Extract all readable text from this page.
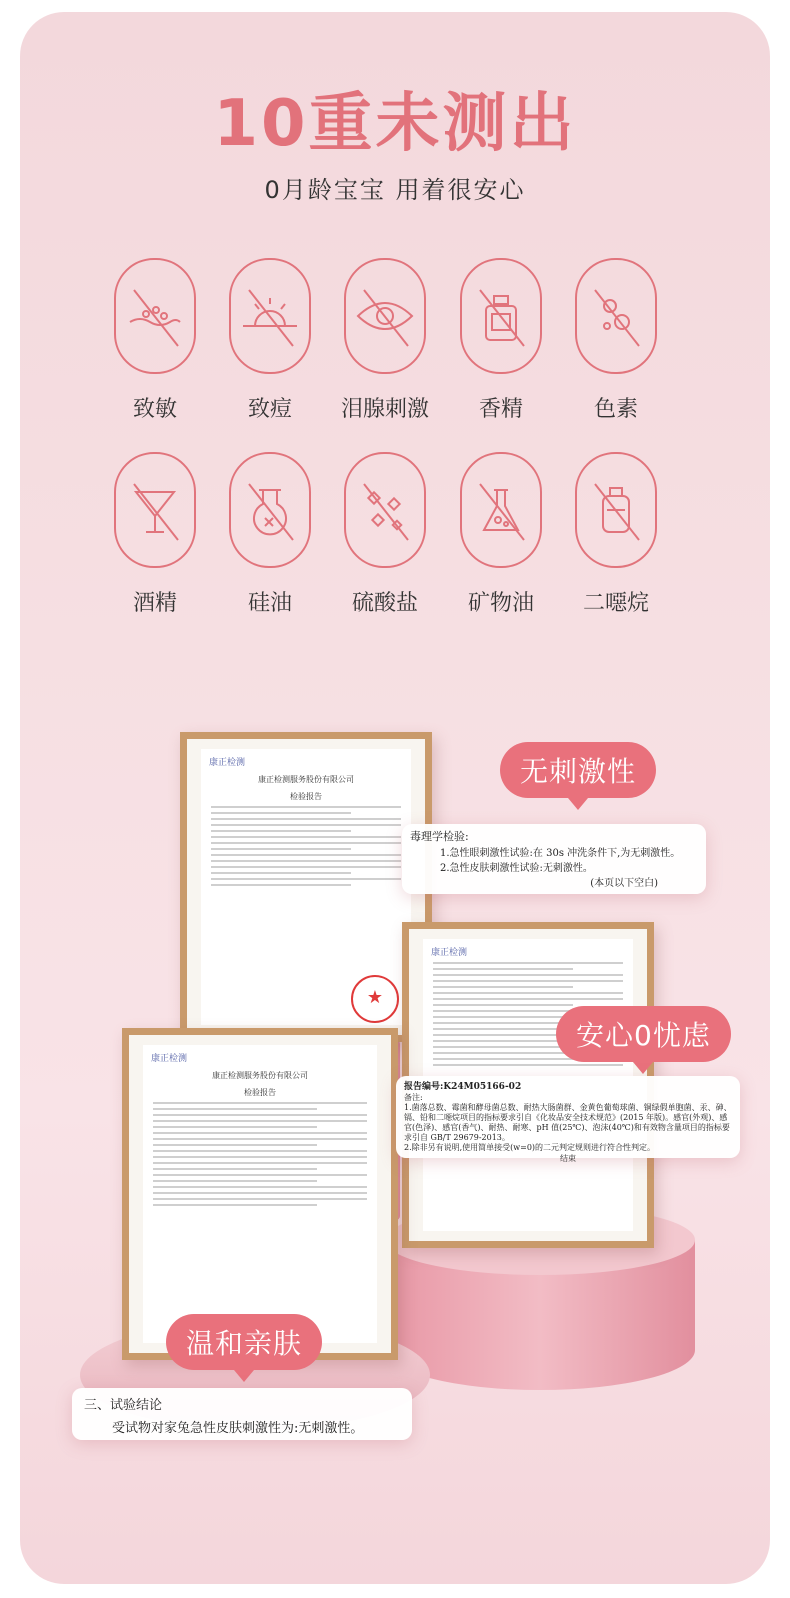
10重未测出
0月龄宝宝 用着很安心
致敏	致痘	泪腺刺激	香精	色素
酒精	硅油	硫酸盐	矿物油	二噁烷
康正检测
康正检测服务股份有限公司
检验报告
★
康正检测
康正检测
康正检测服务股份有限公司
检验报告
无刺激性
安心0忧虑
温和亲肤

毒理学检验:

1.急性眼刺激性试验:在 30s 冲洗条件下,为无刺激性。

2.急性皮肤刺激性试验:无刺激性。

(本页以下空白)

报告编号:K24M05166-02

备注:

1.菌落总数、霉菌和酵母菌总数、耐热大肠菌群、金黄色葡萄球菌、铜绿假单胞菌、汞、砷、镉、铅和二噁烷项目的指标要求引自《化妆品安全技术规范》(2015 年版)。感官(外观)、感官(色泽)、感官(香气)、耐热、耐寒、pH 值(25℃)、泡沫(40℃)和有效物含量项目的指标要求引自 GB/T 29679-2013。

2.除非另有说明,使用简单接受(w=0)的二元判定规则进行符合性判定。

结束

三、试验结论

受试物对家兔急性皮肤刺激性为:无刺激性。
